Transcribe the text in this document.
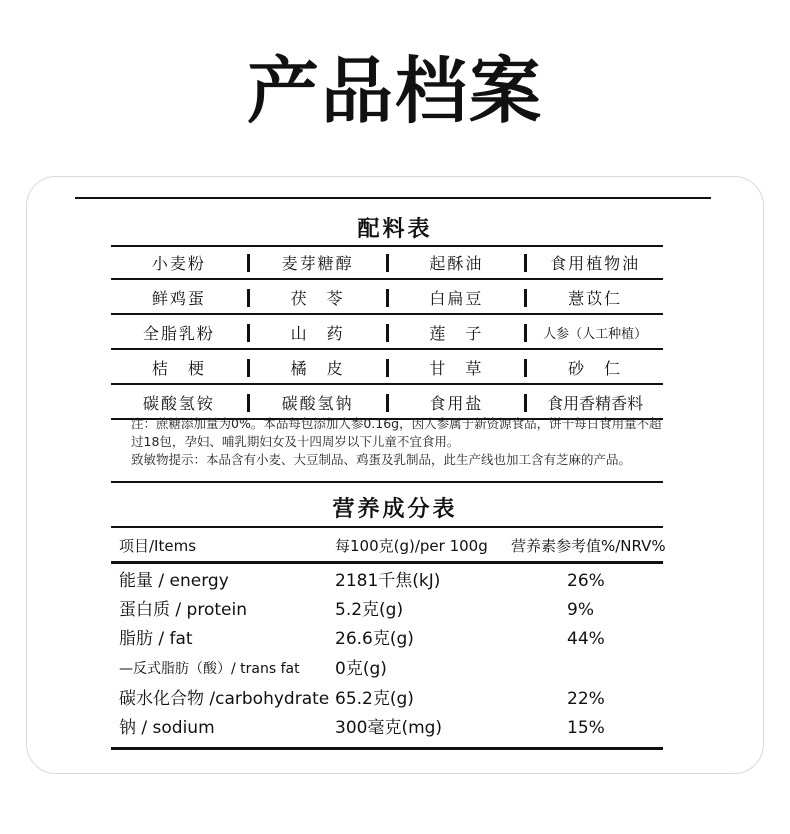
产品档案
配料表
小麦粉	麦芽糖醇	起酥油	食用植物油
鲜鸡蛋	茯　苓	白扁豆	薏苡仁
全脂乳粉	山　药	莲　子	人参（人工种植）
桔　梗	橘　皮	甘　草	砂　仁
碳酸氢铵	碳酸氢钠	食用盐	食用香精香料
注：蔗糖添加量为0%。本品每包添加人参0.16g，因人参属于新资源食品，饼干每日食用量不超过18包，孕妇、哺乳期妇女及十四周岁以下儿童不宜食用。
致敏物提示：本品含有小麦、大豆制品、鸡蛋及乳制品，此生产线也加工含有芝麻的产品。
营养成分表
项目/Items	每100克(g)/per 100g 营养素参考值%/NRV%
能量 / energy	2181千焦(kJ)	26%
蛋白质 / protein	5.2克(g)	9%
脂肪 / fat	26.6克(g)	44%
—反式脂肪（酸）/ trans fat 0克(g)
碳水化合物 /carbohydrate 65.2克(g)	22%
钠 / sodium	300毫克(mg)	15%
